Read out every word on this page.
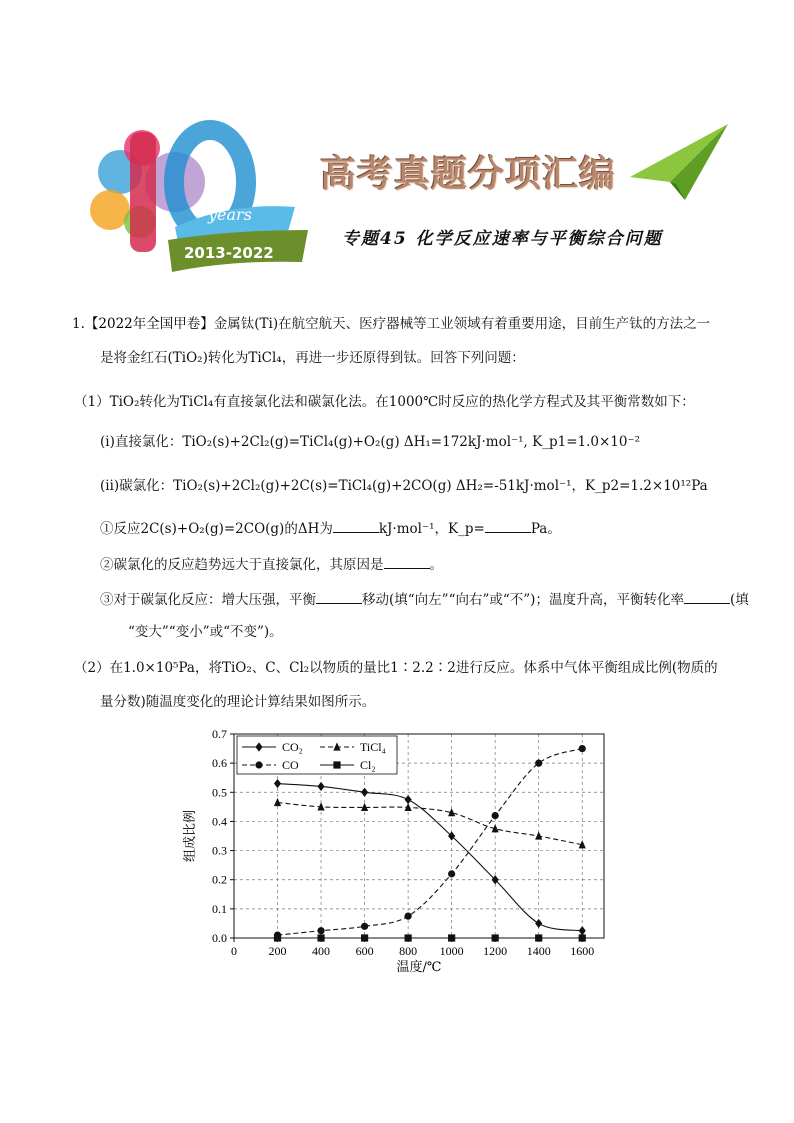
years
2013-2022
高考真题分项汇编
专题45 化学反应速率与平衡综合问题
1.【2022年全国甲卷】金属钛(Ti)在航空航天、医疗器械等工业领域有着重要用途，目前生产钛的方法之一
是将金红石(TiO₂)转化为TiCl₄，再进一步还原得到钛。回答下列问题：
（1）TiO₂转化为TiCl₄有直接氯化法和碳氯化法。在1000℃时反应的热化学方程式及其平衡常数如下：
(ⅰ)直接氯化：TiO₂(s)+2Cl₂(g)=TiCl₄(g)+O₂(g) ΔH₁=172kJ·mol⁻¹, K_p1=1.0×10⁻²
(ⅱ)碳氯化：TiO₂(s)+2Cl₂(g)+2C(s)=TiCl₄(g)+2CO(g) ΔH₂=-51kJ·mol⁻¹，K_p2=1.2×10¹²Pa
①反应2C(s)+O₂(g)=2CO(g)的ΔH为	kJ·mol⁻¹，K_p=	Pa。
②碳氯化的反应趋势远大于直接氯化，其原因是	。
③对于碳氯化反应：增大压强，平衡	移动(填“向左”“向右”或“不”)；温度升高，平衡转化率	(填
“变大”“变小”或“不变”)。
（2）在1.0×10⁵Pa，将TiO₂、C、Cl₂以物质的量比1∶2.2∶2进行反应。体系中气体平衡组成比例(物质的
量分数)随温度变化的理论计算结果如图所示。
0	200 400 600 800 1000 1200 1400 1600
0.0
0.1
0.2
0.3
0.4
0.5
0.6
0.7
温度/℃
组成比例
CO₂	TiCl₄
CO	Cl₂
